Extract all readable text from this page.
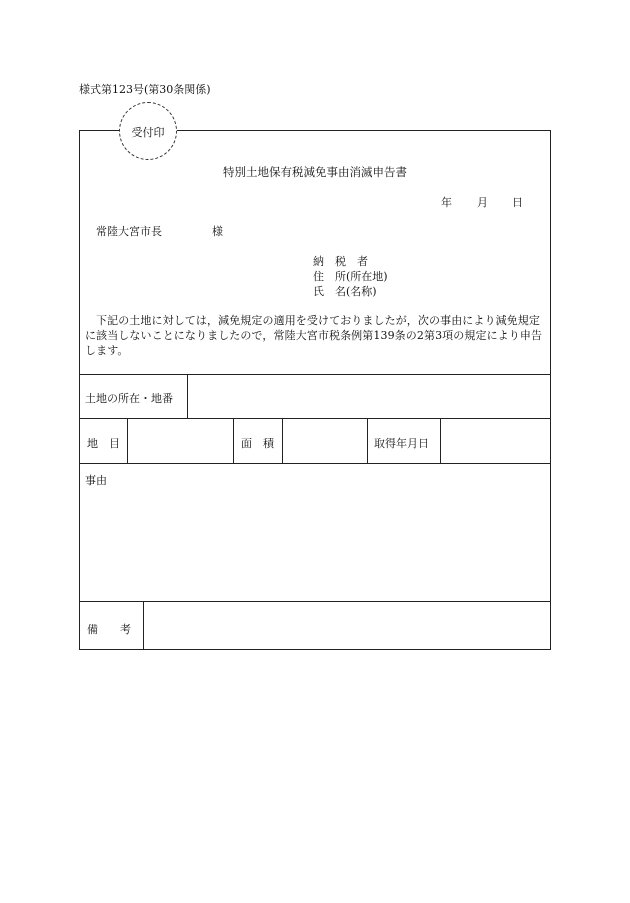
様式第123号(第30条関係)
受付印
特別土地保有税減免事由消滅申告書
年 月 日
常陸大宮市長	様
納　税　者
住　所(所在地)
氏　名(名称)
下記の土地に対しては，減免規定の適用を受けておりましたが，次の事由により減免規定に該当しないことになりましたので，常陸大宮市税条例第139条の2第3項の規定により申告します。
土地の所在・地番
地　目	面　積	取得年月日
事由
備　　考
